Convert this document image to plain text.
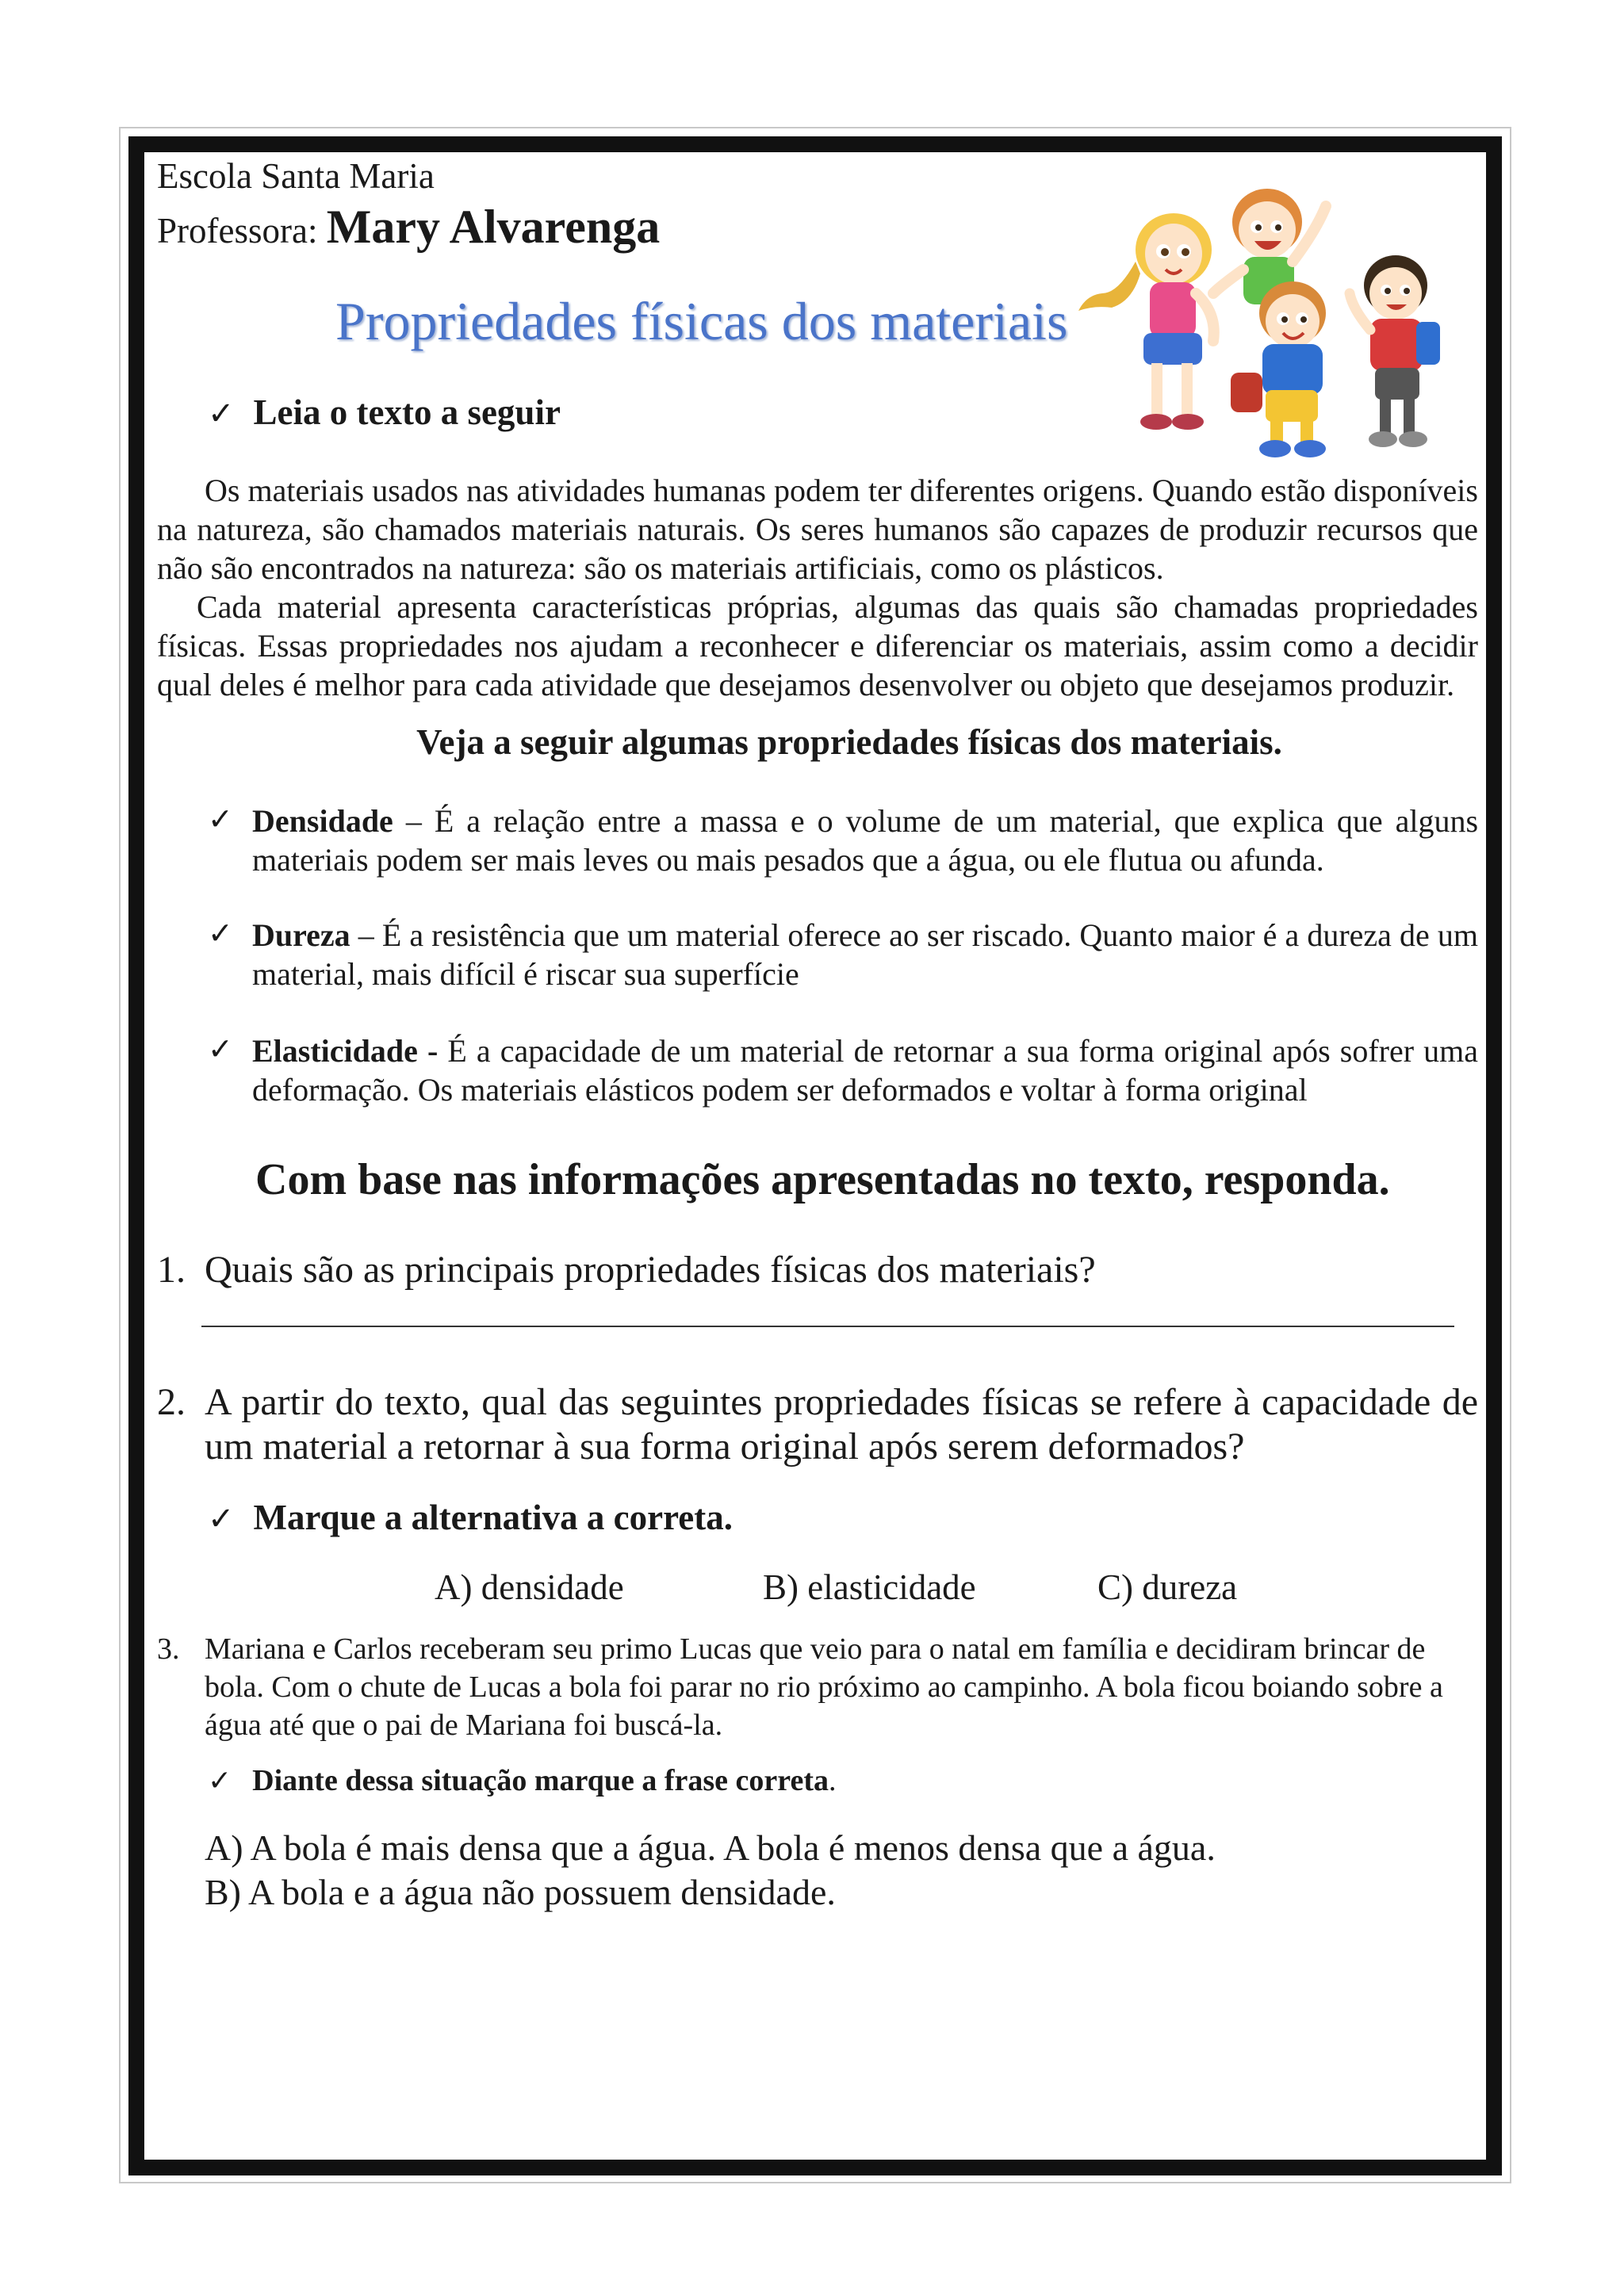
Escola Santa Maria
Professora: Mary Alvarenga
Propriedades físicas dos materiais
✓ Leia o texto a seguir
Os materiais usados nas atividades humanas podem ter diferentes origens. Quando estão disponíveis na natureza, são chamados materiais naturais. Os seres humanos são capazes de produzir recursos que não são encontrados na natureza: são os materiais artificiais, como os plásticos.
Cada material apresenta características próprias, algumas das quais são chamadas propriedades físicas. Essas propriedades nos ajudam a reconhecer e diferenciar os materiais, assim como a decidir qual deles é melhor para cada atividade que desejamos desenvolver ou objeto que desejamos produzir.
Veja a seguir algumas propriedades físicas dos materiais.
✓ Densidade – É a relação entre a massa e o volume de um material, que explica que alguns materiais podem ser mais leves ou mais pesados que a água, ou ele flutua ou afunda.
✓ Dureza – É a resistência que um material oferece ao ser riscado. Quanto maior é a dureza de um material, mais difícil é riscar sua superfície
✓ Elasticidade - É a capacidade de um material de retornar a sua forma original após sofrer uma deformação. Os materiais elásticos podem ser deformados e voltar à forma original
Com base nas informações apresentadas no texto, responda.
1. Quais são as principais propriedades físicas dos materiais?
2. A partir do texto, qual das seguintes propriedades físicas se refere à capacidade de um material a retornar à sua forma original após serem deformados?
✓ Marque a alternativa a correta.
A) densidade	B) elasticidade	C) dureza
3. Mariana e Carlos receberam seu primo Lucas que veio para o natal em família e decidiram brincar de bola. Com o chute de Lucas a bola foi parar no rio próximo ao campinho. A bola ficou boiando sobre a água até que o pai de Mariana foi buscá-la.
✓ Diante dessa situação marque a frase correta.
A) A bola é mais densa que a água. A bola é menos densa que a água.
B) A bola e a água não possuem densidade.
